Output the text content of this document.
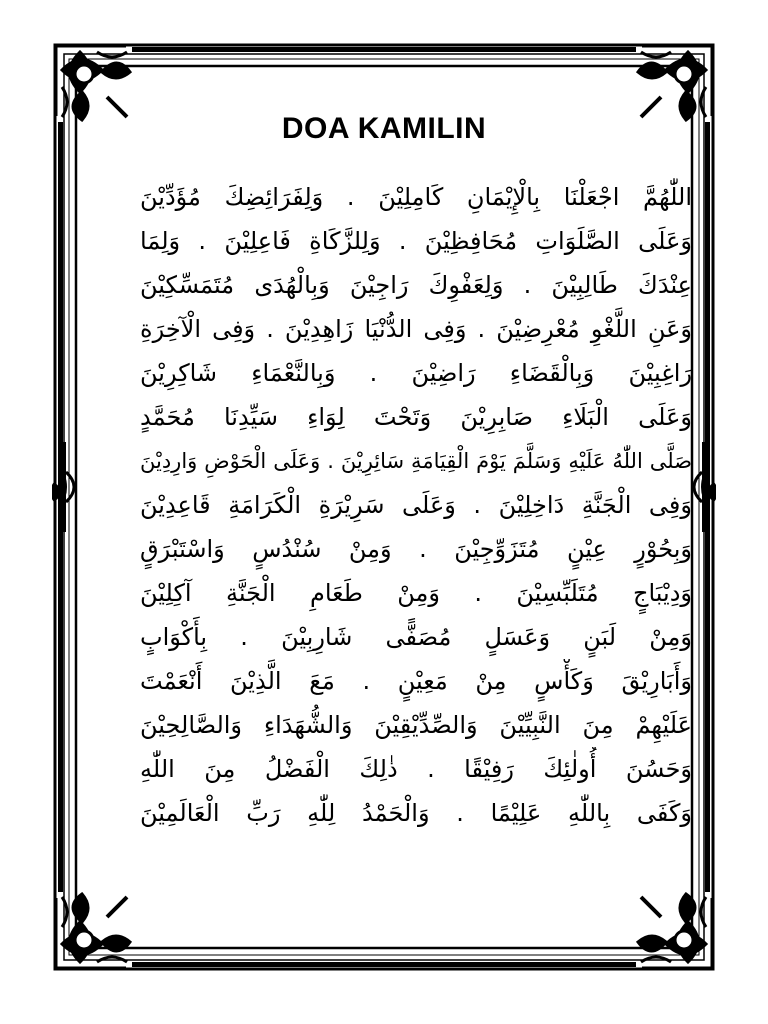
DOA KAMILIN

اللّٰهُمَّ اجْعَلْنَا بِالْإِيْمَانِ كَامِلِيْنَ . وَلِفَرَائِضِكَ مُؤَدِّيْنَ

وَعَلَى الصَّلَوَاتِ مُحَافِظِيْنَ . وَلِلزَّكَاةِ فَاعِلِيْنَ . وَلِمَا

عِنْدَكَ طَالِبِيْنَ . وَلِعَفْوِكَ رَاجِيْنَ وَبِالْهُدَى مُتَمَسِّكِيْنَ

وَعَنِ اللَّغْوِ مُعْرِضِيْنَ . وَفِى الدُّنْيَا زَاهِدِيْنَ . وَفِى الْآخِرَةِ

رَاغِبِيْنَ وَبِالْقَضَاءِ رَاضِيْنَ . وَبِالنَّعْمَاءِ شَاكِرِيْنَ

وَعَلَى الْبَلَاءِ صَابِرِيْنَ وَتَحْتَ لِوَاءِ سَيِّدِنَا مُحَمَّدٍ

صَلَّى اللّٰهُ عَلَيْهِ وَسَلَّمَ يَوْمَ الْقِيَامَةِ سَائِرِيْنَ . وَعَلَى الْحَوْضِ وَارِدِيْنَ

وَفِى الْجَنَّةِ دَاخِلِيْنَ . وَعَلَى سَرِيْرَةِ الْكَرَامَةِ قَاعِدِيْنَ

وَبِحُوْرٍ عِيْنٍ مُتَزَوِّجِيْنَ . وَمِنْ سُنْدُسٍ وَاسْتَبْرَقٍ

وَدِيْبَاجٍ مُتَلَبِّسِيْنَ . وَمِنْ طَعَامِ الْجَنَّةِ آكِلِيْنَ

وَمِنْ لَبَنٍ وَعَسَلٍ مُصَفًّى شَارِبِيْنَ . بِأَكْوَابٍ

وَأَبَارِيْقَ وَكَأْسٍ مِنْ مَعِيْنٍ . مَعَ الَّذِيْنَ أَنْعَمْتَ

عَلَيْهِمْ مِنَ النَّبِيِّيْنَ وَالصِّدِّيْقِيْنَ وَالشُّهَدَاءِ وَالصَّالِحِيْنَ

وَحَسُنَ أُولٰئِكَ رَفِيْقًا . ذٰلِكَ الْفَضْلُ مِنَ اللّٰهِ

وَكَفَى بِاللّٰهِ عَلِيْمًا . وَالْحَمْدُ لِلّٰهِ رَبِّ الْعَالَمِيْنَ
